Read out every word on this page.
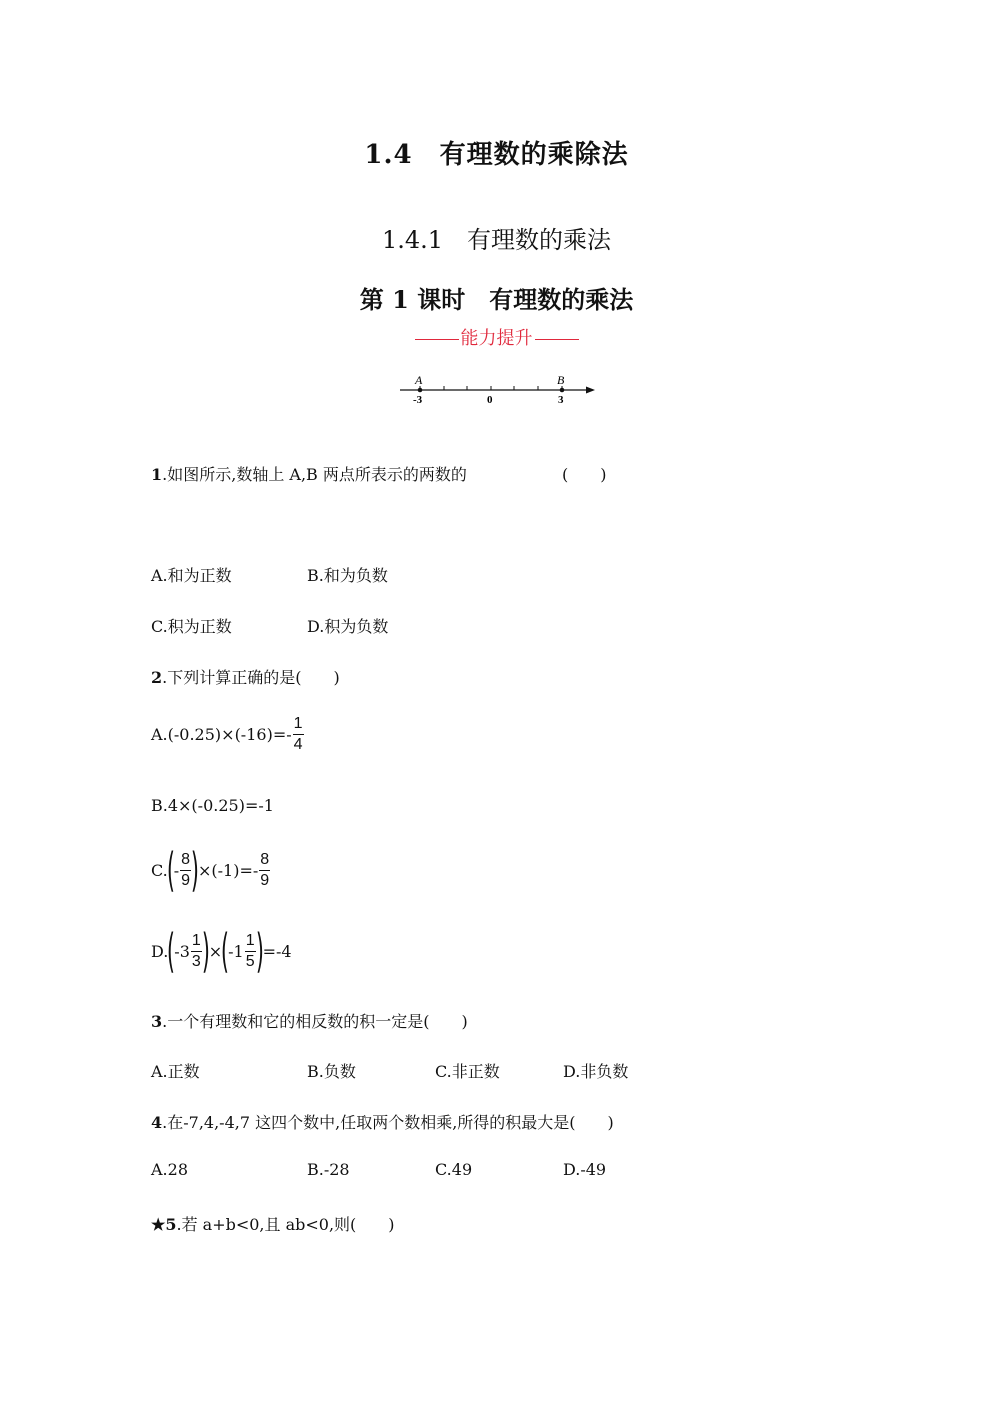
1.4　有理数的乘除法
1.4.1　有理数的乘法
第 1 课时　有理数的乘法
能力提升
A	B
-3	0	3
1.如图所示,数轴上 A,B 两点所表示的两数的	(　　)
A.和为正数	B.和为负数
C.积为正数	D.积为负数
2.下列计算正确的是(　　)
$A.(-0.25)\times(-16)=- \frac{1}{4}$
B.4×(-0.25)=-1
C.
(
- $\frac{8}{9}$ )
$\times(-1)=- \frac{8}{9}$
D.
(
$-3 \frac{1}{3}$ )
×
(
$-1 \frac{1}{5}$ )
=-4
3.一个有理数和它的相反数的积一定是(　　)
A.正数	B.负数	C.非正数	D.非负数
4.在-7,4,-4,7 这四个数中,任取两个数相乘,所得的积最大是(　　)
A.28	B.-28	C.49	D.-49
★5.若 a+b<0,且 ab<0,则(　　)
